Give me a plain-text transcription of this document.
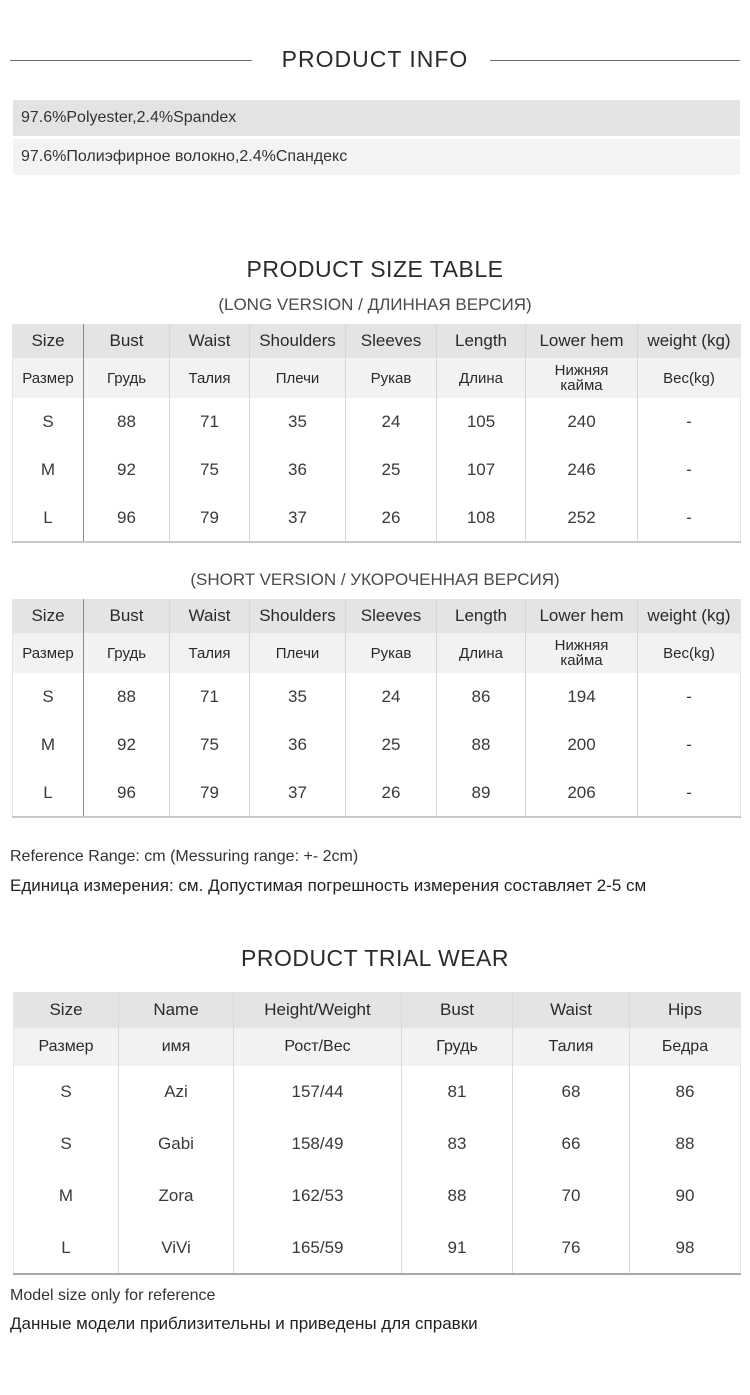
PRODUCT INFO
97.6%Polyester,2.4%Spandex
97.6%Полиэфирное волокно,2.4%Спандекс
PRODUCT SIZE TABLE
(LONG VERSION / ДЛИННАЯ ВЕРСИЯ)
Size	Bust	Waist	Shoulders	Sleeves	Length	Lower hem	weight (kg)
Размер	Грудь	Талия	Плечи	Рукав	Длина	Нижняя кайма	Вес(kg)
S	88	71	35	24	105	240	-
M	92	75	36	25	107	246	-
L	96	79	37	26	108	252	-
(SHORT VERSION / УКОРОЧЕННАЯ ВЕРСИЯ)
Size	Bust	Waist	Shoulders	Sleeves	Length	Lower hem	weight (kg)
Размер	Грудь	Талия	Плечи	Рукав	Длина	Нижняя кайма	Вес(kg)
S	88	71	35	24	86	194	-
M	92	75	36	25	88	200	-
L	96	79	37	26	89	206	-
Reference Range: cm (Messuring range: +- 2cm)
Единица измерения: см. Допустимая погрешность измерения составляет 2-5 см
PRODUCT TRIAL WEAR
Size	Name	Height/Weight	Bust	Waist	Hips
Размер	имя	Рост/Вес	Грудь	Талия	Бедра
S	Azi	157/44	81	68	86
S	Gabi	158/49	83	66	88
M	Zora	162/53	88	70	90
L	ViVi	165/59	91	76	98
Model size only for reference
Данные модели приблизительны и приведены для справки
